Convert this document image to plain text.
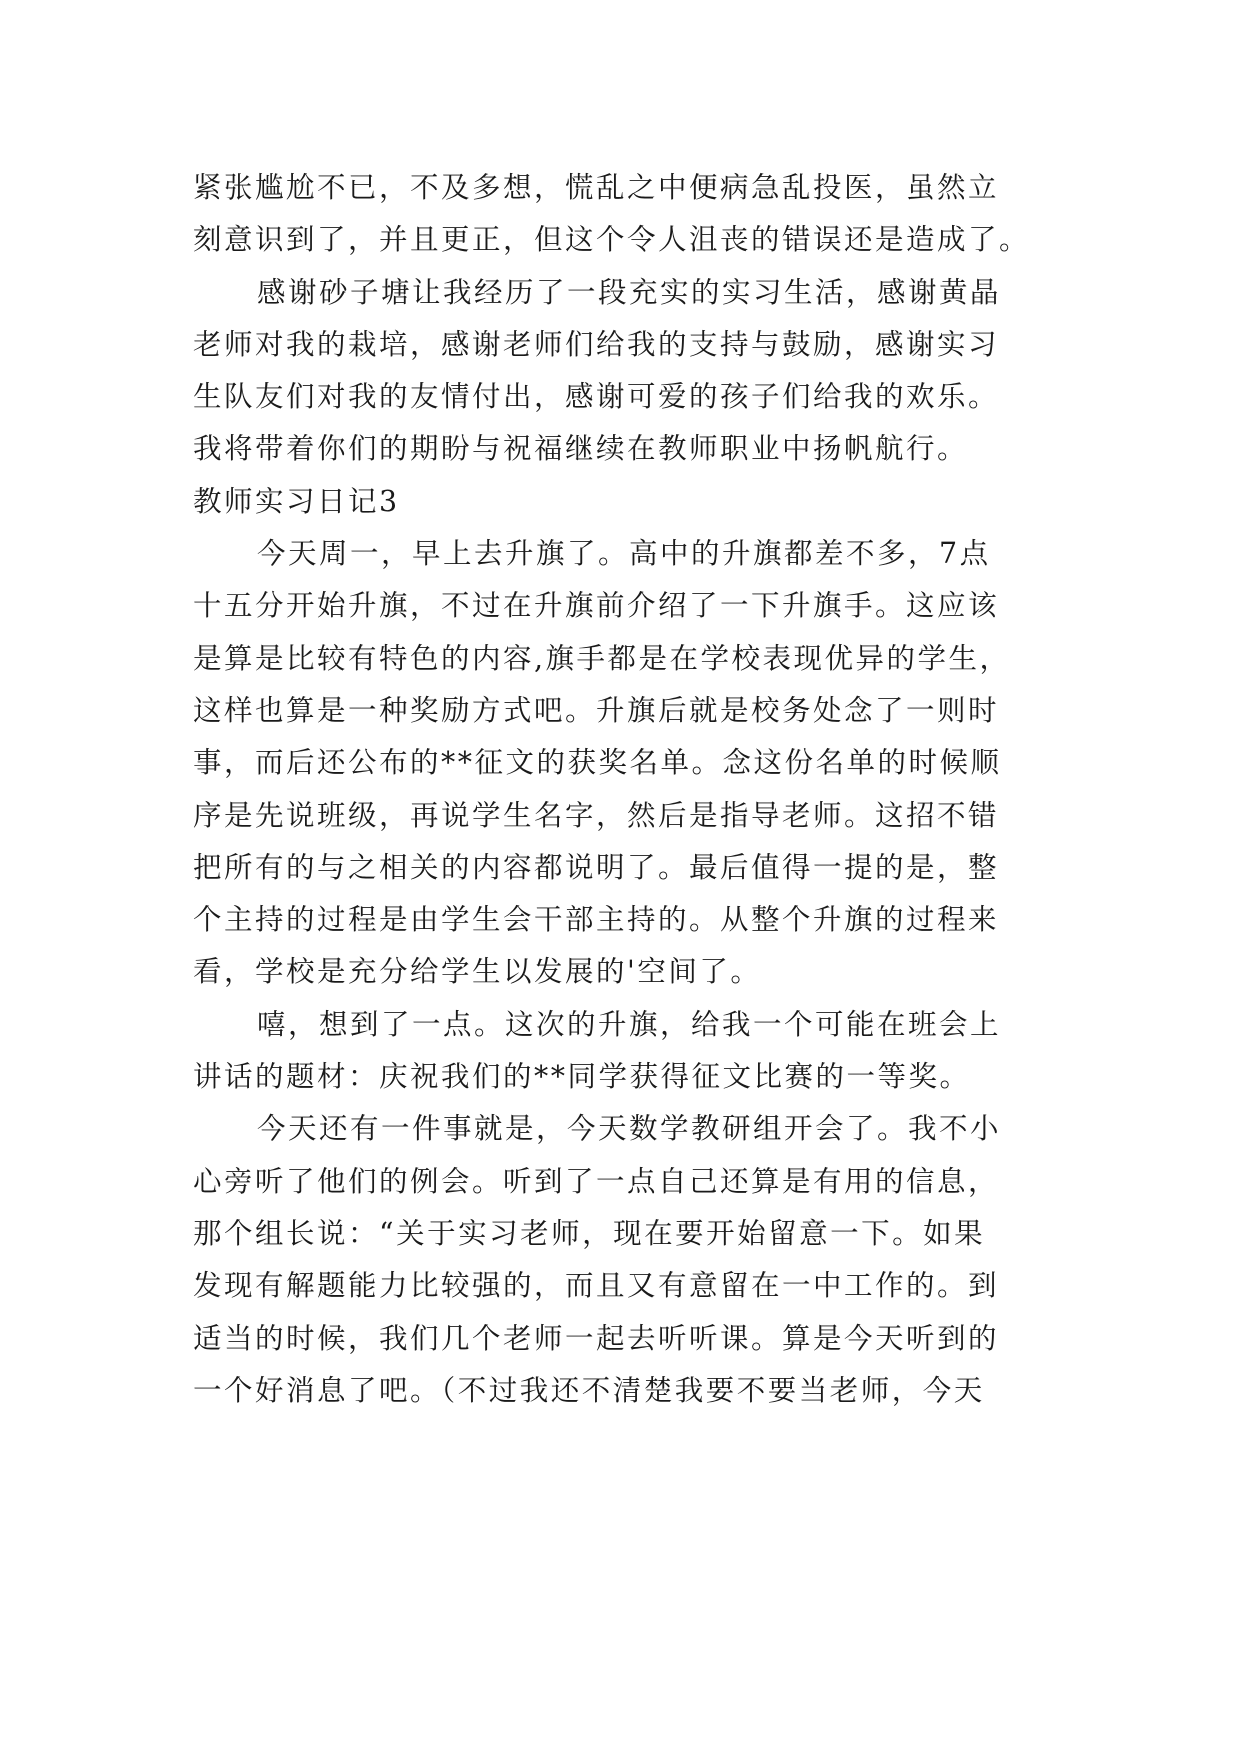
紧张尴尬不已，不及多想，慌乱之中便病急乱投医，虽然立
刻意识到了，并且更正，但这个令人沮丧的错误还是造成了。
感谢砂子塘让我经历了一段充实的实习生活，感谢黄晶
老师对我的栽培，感谢老师们给我的支持与鼓励，感谢实习
生队友们对我的友情付出，感谢可爱的孩子们给我的欢乐。
我将带着你们的期盼与祝福继续在教师职业中扬帆航行。
教师实习日记3
今天周一，早上去升旗了。高中的升旗都差不多，7点
十五分开始升旗，不过在升旗前介绍了一下升旗手。这应该
是算是比较有特色的内容,旗手都是在学校表现优异的学生，
这样也算是一种奖励方式吧。升旗后就是校务处念了一则时
事，而后还公布的**征文的获奖名单。念这份名单的时候顺
序是先说班级，再说学生名字，然后是指导老师。这招不错
把所有的与之相关的内容都说明了。最后值得一提的是，整
个主持的过程是由学生会干部主持的。从整个升旗的过程来
看，学校是充分给学生以发展的'空间了。
嘻，想到了一点。这次的升旗，给我一个可能在班会上
讲话的题材：庆祝我们的**同学获得征文比赛的一等奖。
今天还有一件事就是，今天数学教研组开会了。我不小
心旁听了他们的例会。听到了一点自己还算是有用的信息，
那个组长说：“关于实习老师，现在要开始留意一下。如果
发现有解题能力比较强的，而且又有意留在一中工作的。到
适当的时候，我们几个老师一起去听听课。算是今天听到的
一个好消息了吧。（不过我还不清楚我要不要当老师，今天
